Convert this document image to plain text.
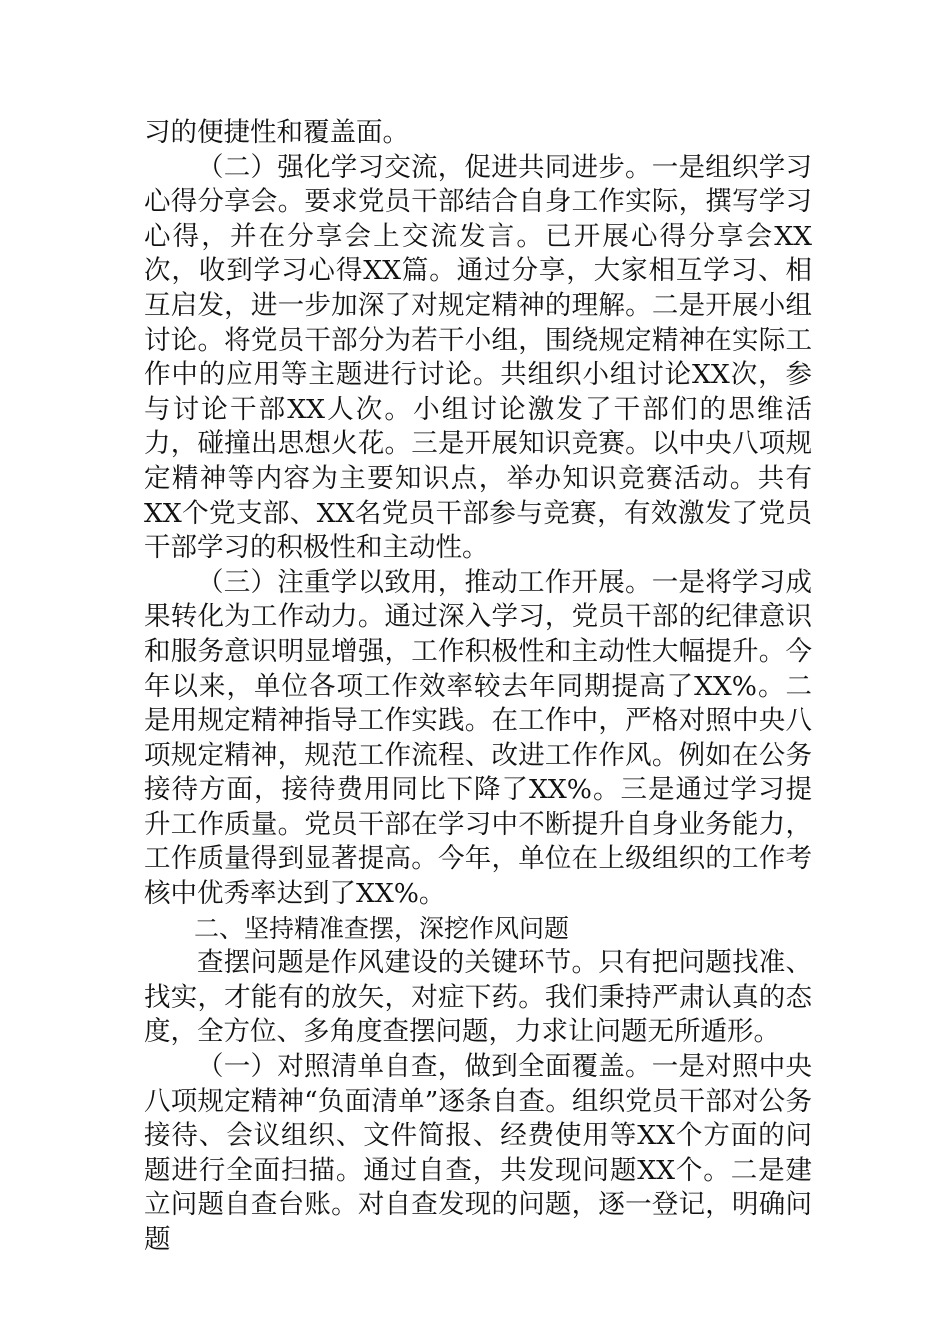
习的便捷性和覆盖面。

（二）强化学习交流，促进共同进步。一是组织学习心得分享会。要求党员干部结合自身工作实际，撰写学习心得，并在分享会上交流发言。已开展心得分享会XX次，收到学习心得XX篇。通过分享，大家相互学习、相互启发，进一步加深了对规定精神的理解。二是开展小组讨论。将党员干部分为若干小组，围绕规定精神在实际工作中的应用等主题进行讨论。共组织小组讨论XX次，参与讨论干部XX人次。小组讨论激发了干部们的思维活力，碰撞出思想火花。三是开展知识竞赛。以中央八项规定精神等内容为主要知识点，举办知识竞赛活动。共有XX个党支部、XX名党员干部参与竞赛，有效激发了党员干部学习的积极性和主动性。

（三）注重学以致用，推动工作开展。一是将学习成果转化为工作动力。通过深入学习，党员干部的纪律意识和服务意识明显增强，工作积极性和主动性大幅提升。今年以来，单位各项工作效率较去年同期提高了XX%。二是用规定精神指导工作实践。在工作中，严格对照中央八项规定精神，规范工作流程、改进工作作风。例如在公务接待方面，接待费用同比下降了XX%。三是通过学习提升工作质量。党员干部在学习中不断提升自身业务能力，工作质量得到显著提高。今年，单位在上级组织的工作考核中优秀率达到了XX%。

二、坚持精准查摆，深挖作风问题

查摆问题是作风建设的关键环节。只有把问题找准、找实，才能有的放矢，对症下药。我们秉持严肃认真的态度，全方位、多角度查摆问题，力求让问题无所遁形。

（一）对照清单自查，做到全面覆盖。一是对照中央八项规定精神“负面清单”逐条自查。组织党员干部对公务接待、会议组织、文件简报、经费使用等XX个方面的问题进行全面扫描。通过自查，共发现问题XX个。二是建立问题自查台账。对自查发现的问题，逐一登记，明确问题
